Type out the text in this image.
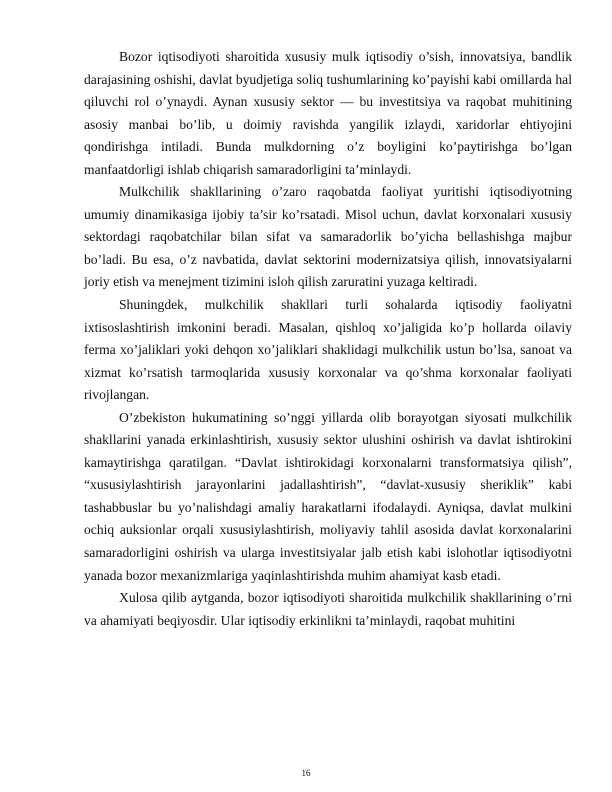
Bozor iqtisodiyoti sharoitida xususiy mulk iqtisodiy o’sish, innovatsiya, bandlik darajasining oshishi, davlat byudjetiga soliq tushumlarining ko’payishi kabi omillarda hal qiluvchi rol o’ynaydi. Aynan xususiy sektor — bu investitsiya va raqobat muhitining asosiy manbai bo’lib, u doimiy ravishda yangilik izlaydi, xaridorlar ehtiyojini qondirishga intiladi. Bunda mulkdorning o’z boyligini ko’paytirishga bo’lgan manfaatdorligi ishlab chiqarish samaradorligini ta’minlaydi.

Mulkchilik shakllarining o’zaro raqobatda faoliyat yuritishi iqtisodiyotning umumiy dinamikasiga ijobiy ta’sir ko’rsatadi. Misol uchun, davlat korxonalari xususiy sektordagi raqobatchilar bilan sifat va samaradorlik bo’yicha bellashishga majbur bo’ladi. Bu esa, o’z navbatida, davlat sektorini modernizatsiya qilish, innovatsiyalarni joriy etish va menejment tizimini isloh qilish zaruratini yuzaga keltiradi.

Shuningdek, mulkchilik shakllari turli sohalarda iqtisodiy faoliyatni ixtisoslashtirish imkonini beradi. Masalan, qishloq xo’jaligida ko’p hollarda oilaviy ferma xo’jaliklari yoki dehqon xo’jaliklari shaklidagi mulkchilik ustun bo’lsa, sanoat va xizmat ko’rsatish tarmoqlarida xususiy korxonalar va qo’shma korxonalar faoliyati rivojlangan.

O’zbekiston hukumatining so’nggi yillarda olib borayotgan siyosati mulkchilik shakllarini yanada erkinlashtirish, xususiy sektor ulushini oshirish va davlat ishtirokini kamaytirishga qaratilgan. “Davlat ishtirokidagi korxonalarni transformatsiya qilish”, “xususiylashtirish jarayonlarini jadallashtirish”, “davlat-xususiy sheriklik” kabi tashabbuslar bu yo’nalishdagi amaliy harakatlarni ifodalaydi. Ayniqsa, davlat mulkini ochiq auksionlar orqali xususiylashtirish, moliyaviy tahlil asosida davlat korxonalarini samaradorligini oshirish va ularga investitsiyalar jalb etish kabi islohotlar iqtisodiyotni yanada bozor mexanizmlariga yaqinlashtirishda muhim ahamiyat kasb etadi.

Xulosa qilib aytganda, bozor iqtisodiyoti sharoitida mulkchilik shakllarining o’rni va ahamiyati beqiyosdir. Ular iqtisodiy erkinlikni ta’minlaydi, raqobat muhitini

16
